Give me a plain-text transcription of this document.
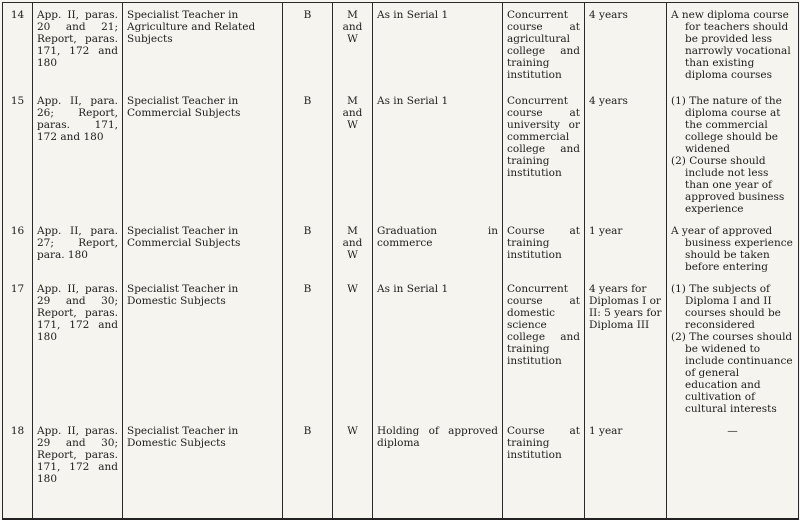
14	App. II, paras. 20 and 21; Report, paras. 171, 172 and 180	Specialist Teacher in Agriculture and Related Subjects	B	M and W	As in Serial 1	Concurrent course at agricultural college and training institution	4 years	A new diploma course for teachers should be provided less narrowly vocational than existing diploma courses

15	App. II, para. 26; Report, paras. 171, 172 and 180	Specialist Teacher in Commercial Subjects	B	M and W	As in Serial 1	Concurrent course at university or commercial college and training institution	4 years	(1) The nature of the diploma course at the commercial college should be widened
(2) Course should include not less than one year of approved business experience

16	App. II, para. 27; Report, para. 180	Specialist Teacher in Commercial Subjects	B	M and W	Graduation in commerce	Course at training institution	1 year	A year of approved business experience should be taken before entering

17	App. II, paras. 29 and 30; Report, paras. 171, 172 and 180	Specialist Teacher in Domestic Subjects	B	W	As in Serial 1	Concurrent course at domestic science college and training institution	4 years for Diplomas I or II: 5 years for Diploma III	(1) The subjects of Diploma I and II courses should be reconsidered
(2) The courses should be widened to include continuance of general education and cultivation of cultural interests

18	App. II, paras. 29 and 30; Report, paras. 171, 172 and 180	Specialist Teacher in Domestic Subjects	B	W	Holding of approved diploma	Course at training institution	1 year	—
